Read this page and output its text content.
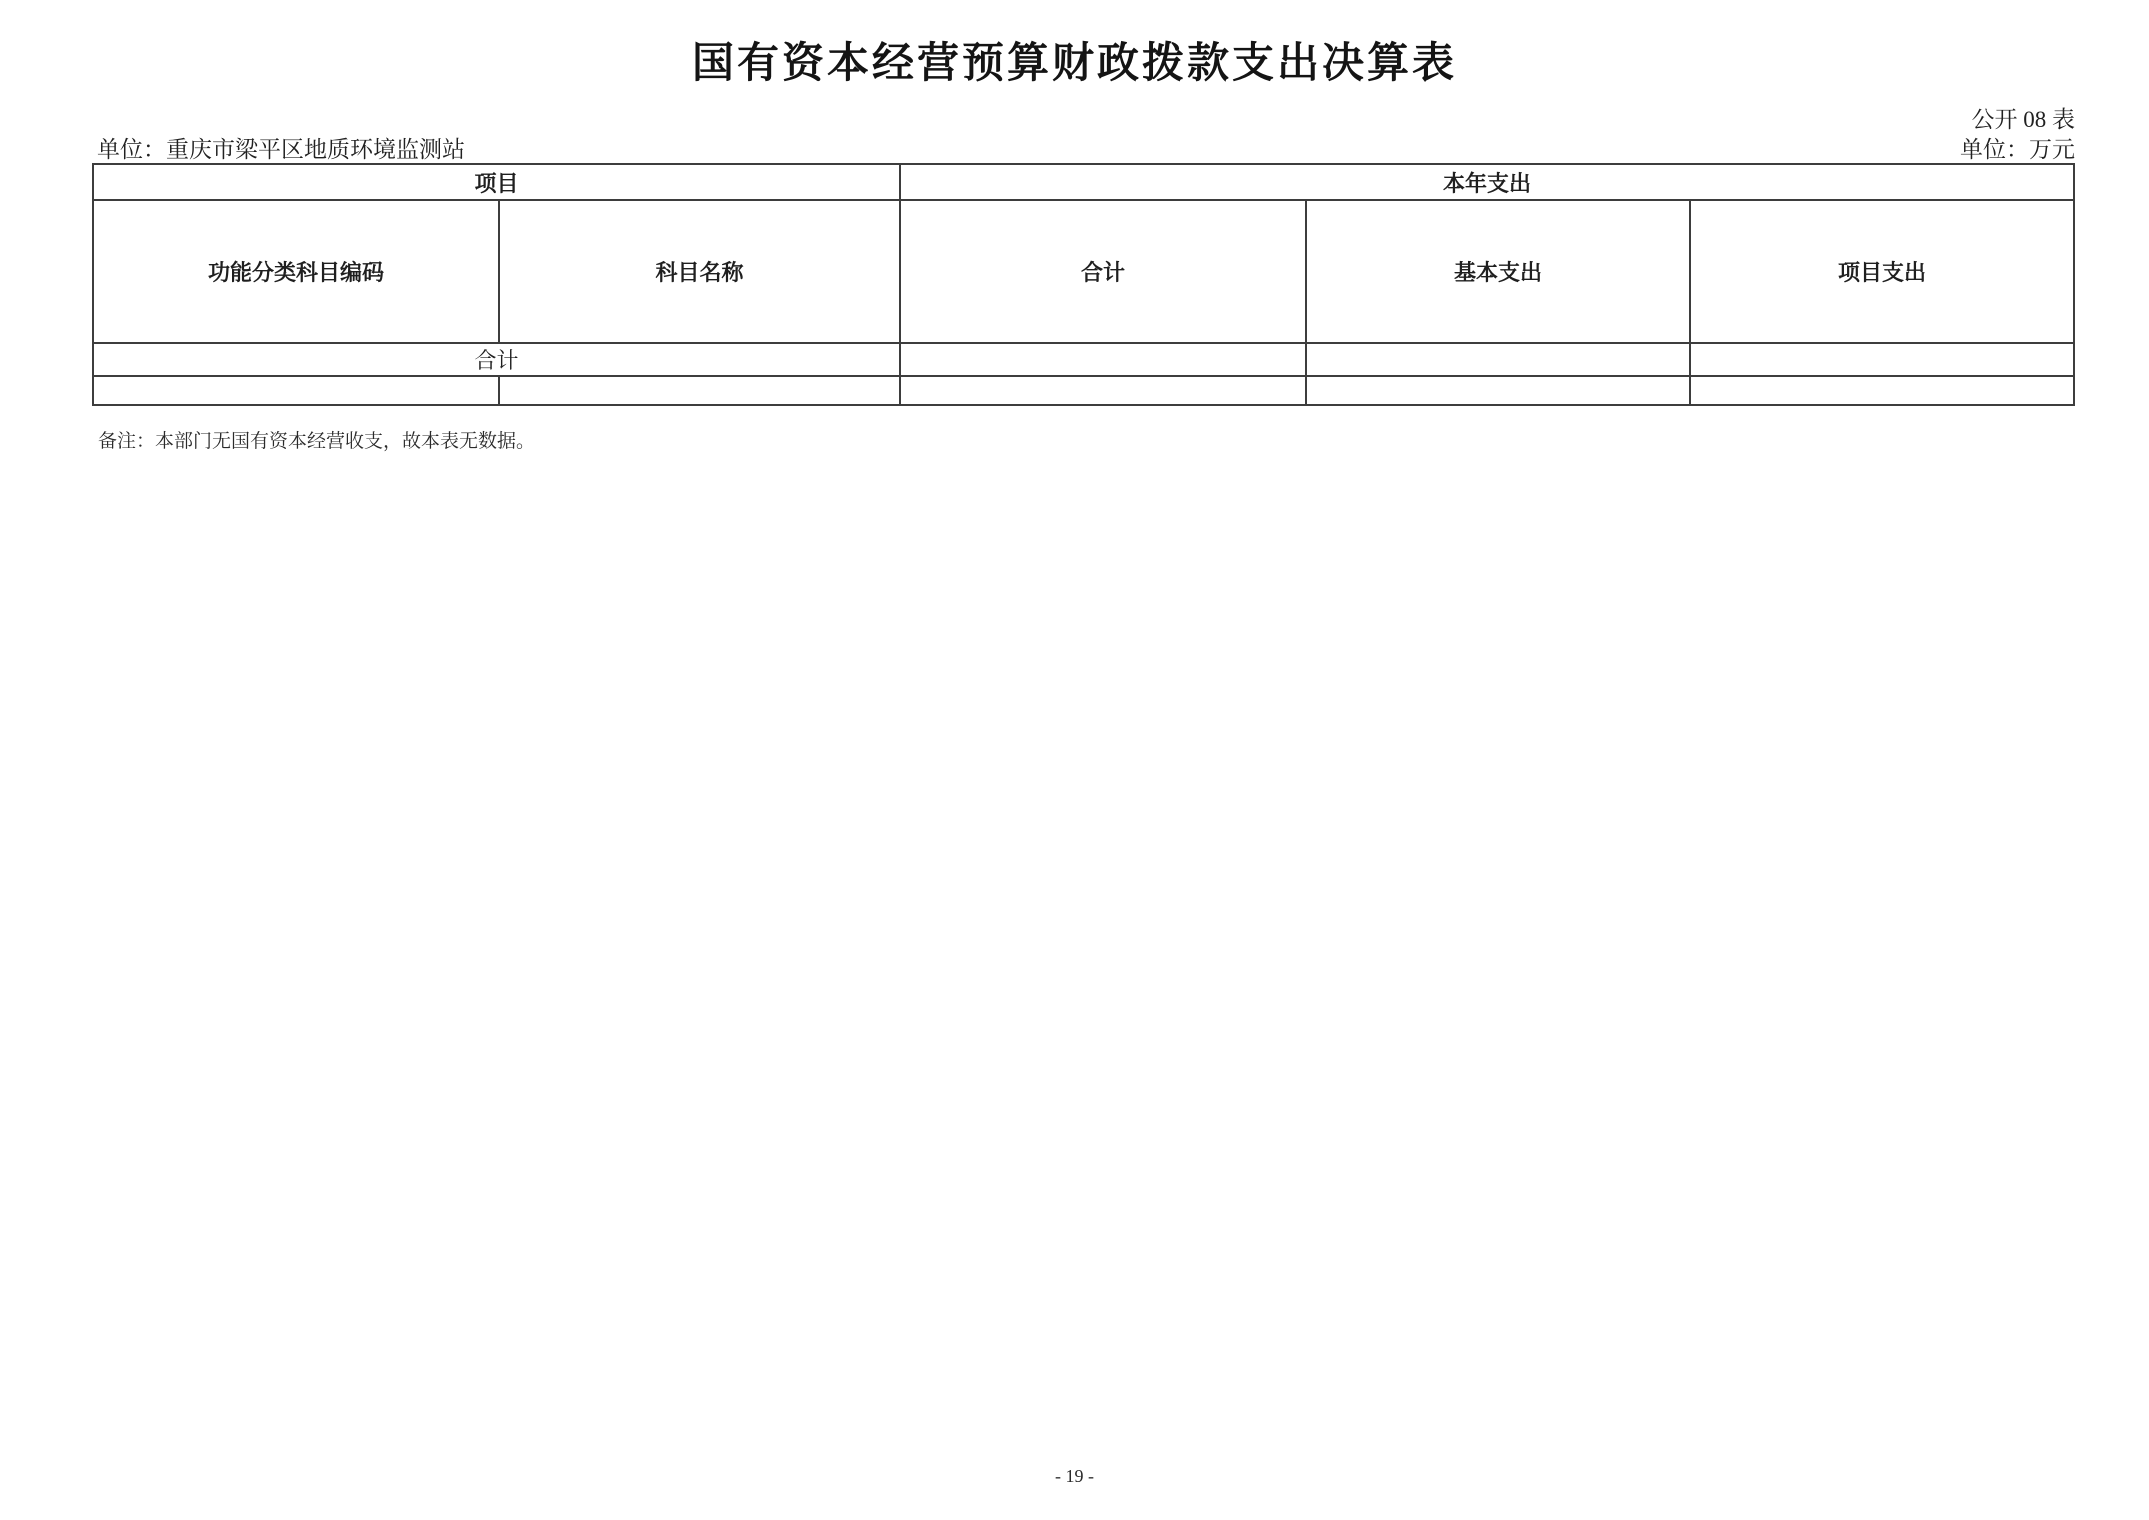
国有资本经营预算财政拨款支出决算表
公开 08 表
单位：重庆市梁平区地质环境监测站	单位：万元
项目		本年支出		
功能分类科目编码	科目名称	合计	基本支出	项目支出
合计				

备注：本部门无国有资本经营收支，故本表无数据。
- 19 -
